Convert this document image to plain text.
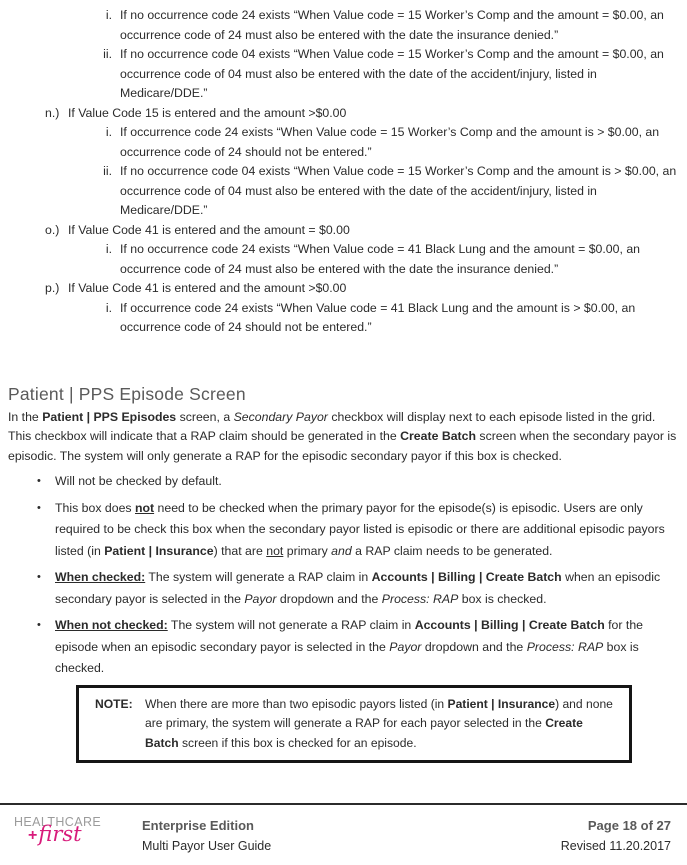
i. If no occurrence code 24 exists “When Value code = 15 Worker’s Comp and the amount = $0.00, an occurrence code of 24 must also be entered with the date the insurance denied.”
ii. If no occurrence code 04 exists “When Value code = 15 Worker’s Comp and the amount = $0.00, an occurrence code of 04 must also be entered with the date of the accident/injury, listed in Medicare/DDE.”
n.) If Value Code 15 is entered and the amount >$0.00
i. If occurrence code 24 exists “When Value code = 15 Worker’s Comp and the amount is > $0.00, an occurrence code of 24 should not be entered.”
ii. If no occurrence code 04 exists “When Value code = 15 Worker’s Comp and the amount is > $0.00, an occurrence code of 04 must also be entered with the date of the accident/injury, listed in Medicare/DDE.”
o.) If Value Code 41 is entered and the amount = $0.00
i. If no occurrence code 24 exists “When Value code = 41 Black Lung and the amount = $0.00, an occurrence code of 24 must also be entered with the date the insurance denied.”
p.) If Value Code 41 is entered and the amount >$0.00
i. If occurrence code 24 exists “When Value code = 41 Black Lung and the amount is > $0.00, an occurrence code of 24 should not be entered.”
Patient | PPS Episode Screen
In the Patient | PPS Episodes screen, a Secondary Payor checkbox will display next to each episode listed in the grid. This checkbox will indicate that a RAP claim should be generated in the Create Batch screen when the secondary payor is episodic. The system will only generate a RAP for the episodic secondary payor if this box is checked.
•	Will not be checked by default.
•	This box does not need to be checked when the primary payor for the episode(s) is episodic. Users are only required to be check this box when the secondary payor listed is episodic or there are additional episodic payors listed (in Patient | Insurance) that are not primary and a RAP claim needs to be generated.
•	When checked: The system will generate a RAP claim in Accounts | Billing | Create Batch when an episodic secondary payor is selected in the Payor dropdown and the Process: RAP box is checked.
•	When not checked: The system will not generate a RAP claim in Accounts | Billing | Create Batch for the episode when an episodic secondary payor is selected in the Payor dropdown and the Process: RAP box is checked.
NOTE:	When there are more than two episodic payors listed (in Patient | Insurance) and none are primary, the system will generate a RAP for each payor selected in the Create Batch screen if this box is checked for an episode.
HEALTHCARE
+first	Enterprise Edition
Multi Payor User Guide
Page 18 of 27
Revised 11.20.2017
